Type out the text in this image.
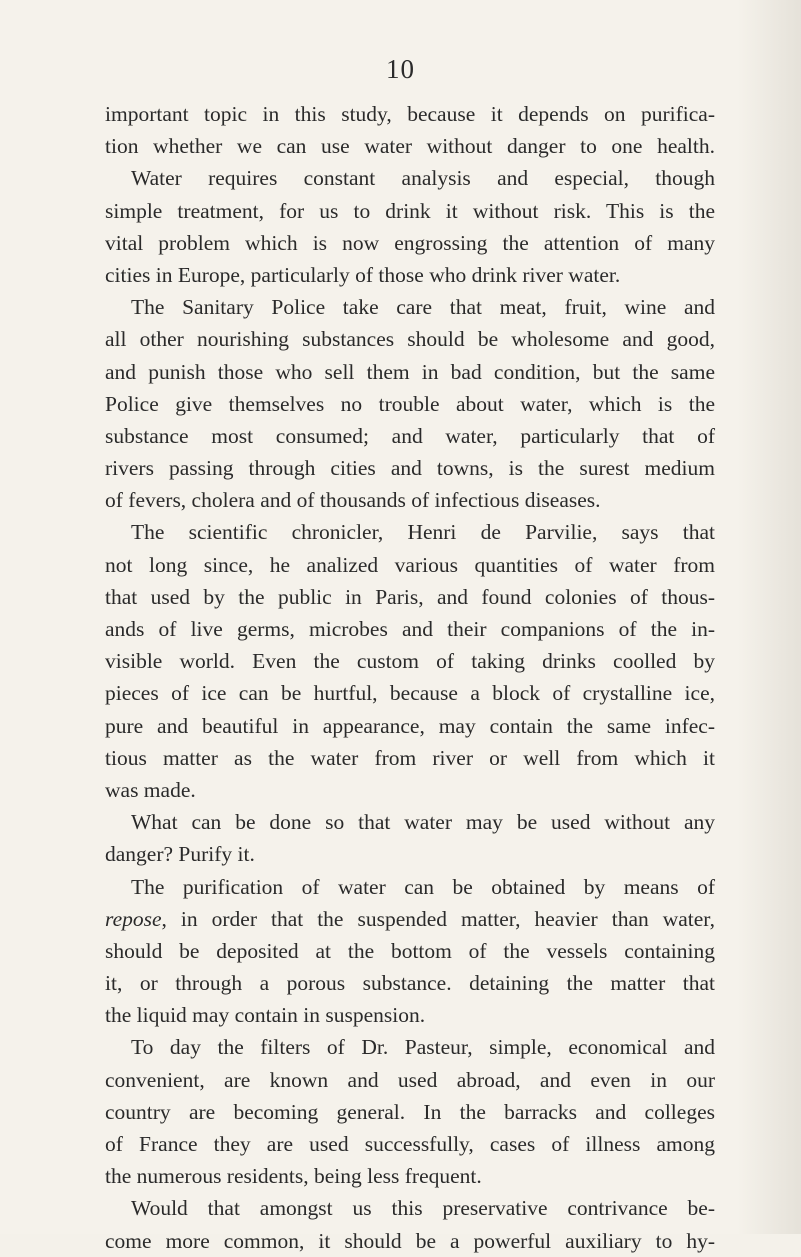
10
important topic in this study, because it depends on purifica-
tion whether we can use water without danger to one health.
Water requires constant analysis and especial, though
simple treatment, for us to drink it without risk. This is the
vital problem which is now engrossing the attention of many
cities in Europe, particularly of those who drink river water.
The Sanitary Police take care that meat, fruit, wine and
all other nourishing substances should be wholesome and good,
and punish those who sell them in bad condition, but the same
Police give themselves no trouble about water, which is the
substance most consumed; and water, particularly that of
rivers passing through cities and towns, is the surest medium
of fevers, cholera and of thousands of infectious diseases.
The scientific chronicler, Henri de Parvilie, says that
not long since, he analized various quantities of water from
that used by the public in Paris, and found colonies of thous-
ands of live germs, microbes and their companions of the in-
visible world. Even the custom of taking drinks coolled by
pieces of ice can be hurtful, because a block of crystalline ice,
pure and beautiful in appearance, may contain the same infec-
tious matter as the water from river or well from which it
was made.
What can be done so that water may be used without any
danger? Purify it.
The purification of water can be obtained by means of
repose, in order that the suspended matter, heavier than water,
should be deposited at the bottom of the vessels containing
it, or through a porous substance. detaining the matter that
the liquid may contain in suspension.
To day the filters of Dr. Pasteur, simple, economical and
convenient, are known and used abroad, and even in our
country are becoming general. In the barracks and colleges
of France they are used successfully, cases of illness among
the numerous residents, being less frequent.
Would that amongst us this preservative contrivance be-
come more common, it should be a powerful auxiliary to hy-
